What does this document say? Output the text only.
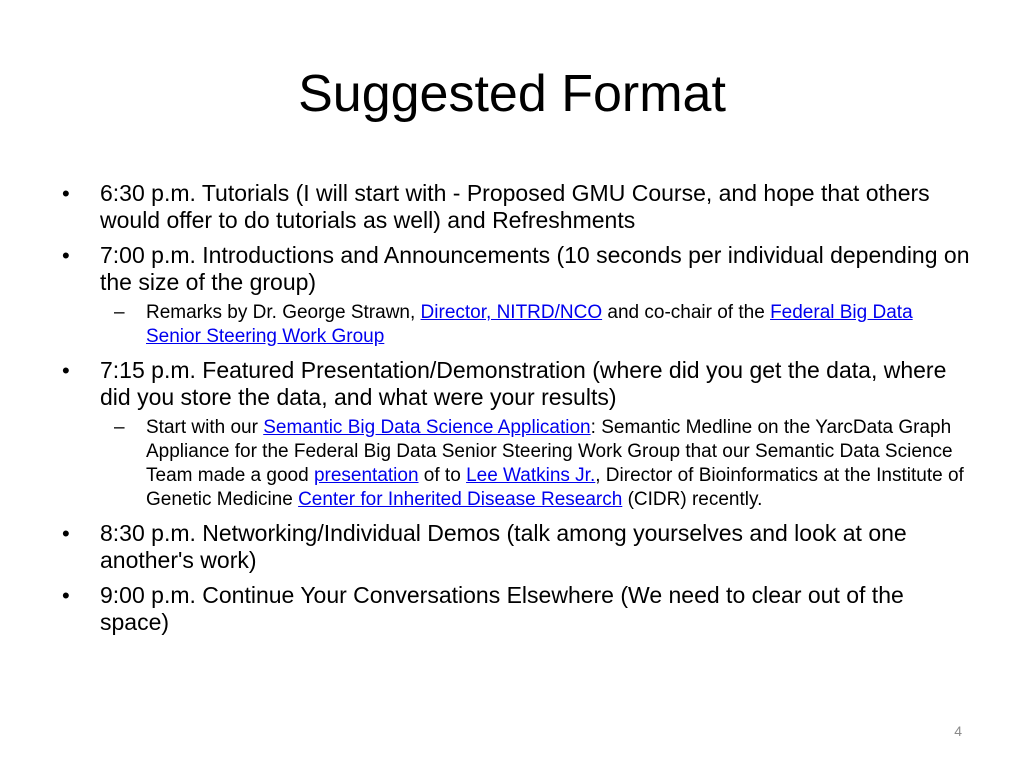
Suggested Format
•	6:30 p.m. Tutorials (I will start with - Proposed GMU Course, and hope that others would offer to do tutorials as well) and Refreshments
•	7:00 p.m. Introductions and Announcements (10 seconds per individual depending on the size of the group)
–	Remarks by Dr. George Strawn, Director, NITRD/NCO and co-chair of the Federal Big Data Senior Steering Work Group
•	7:15 p.m. Featured Presentation/Demonstration (where did you get the data, where did you store the data, and what were your results)
–	Start with our Semantic Big Data Science Application: Semantic Medline on the YarcData Graph Appliance for the Federal Big Data Senior Steering Work Group that our Semantic Data Science Team made a good presentation of to Lee Watkins Jr., Director of Bioinformatics at the Institute of Genetic Medicine Center for Inherited Disease Research (CIDR) recently.
•	8:30 p.m. Networking/Individual Demos (talk among yourselves and look at one another's work)
•	9:00 p.m. Continue Your Conversations Elsewhere (We need to clear out of the space)
4
